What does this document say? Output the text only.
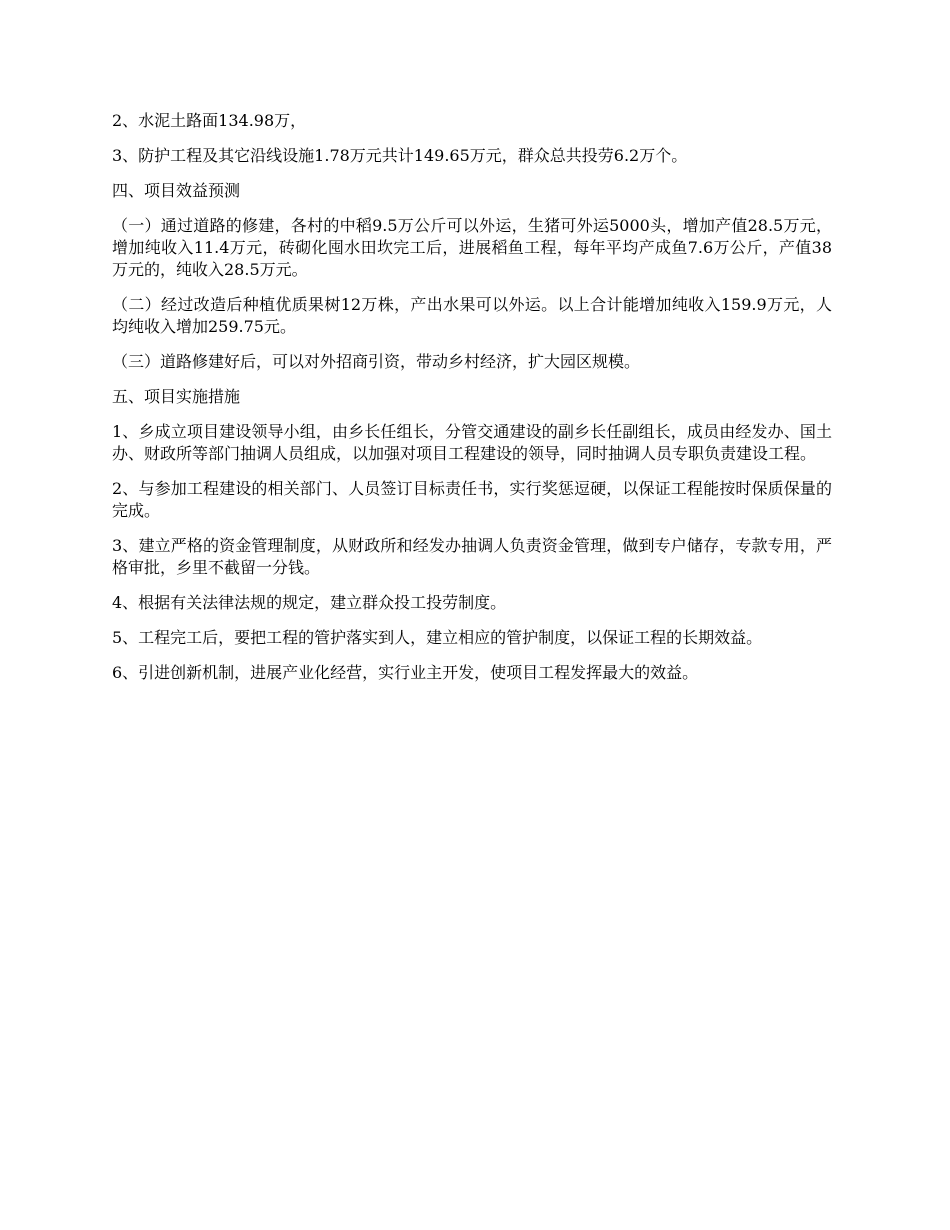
2、水泥土路面134.98万，

3、防护工程及其它沿线设施1.78万元共计149.65万元，群众总共投劳6.2万个。

四、项目效益预测

（一）通过道路的修建，各村的中稻9.5万公斤可以外运，生猪可外运5000头，增加产值28.5万元，增加纯收入11.4万元，砖砌化囤水田坎完工后，进展稻鱼工程，每年平均产成鱼7.6万公斤，产值38万元的，纯收入28.5万元。

（二）经过改造后种植优质果树12万株，产出水果可以外运。以上合计能增加纯收入159.9万元，人均纯收入增加259.75元。

（三）道路修建好后，可以对外招商引资，带动乡村经济，扩大园区规模。

五、项目实施措施

1、乡成立项目建设领导小组，由乡长任组长，分管交通建设的副乡长任副组长，成员由经发办、国土办、财政所等部门抽调人员组成，以加强对项目工程建设的领导，同时抽调人员专职负责建设工程。

2、与参加工程建设的相关部门、人员签订目标责任书，实行奖惩逗硬，以保证工程能按时保质保量的完成。

3、建立严格的资金管理制度，从财政所和经发办抽调人负责资金管理，做到专户储存，专款专用，严格审批，乡里不截留一分钱。

4、根据有关法律法规的规定，建立群众投工投劳制度。

5、工程完工后，要把工程的管护落实到人，建立相应的管护制度，以保证工程的长期效益。

6、引进创新机制，进展产业化经营，实行业主开发，使项目工程发挥最大的效益。
